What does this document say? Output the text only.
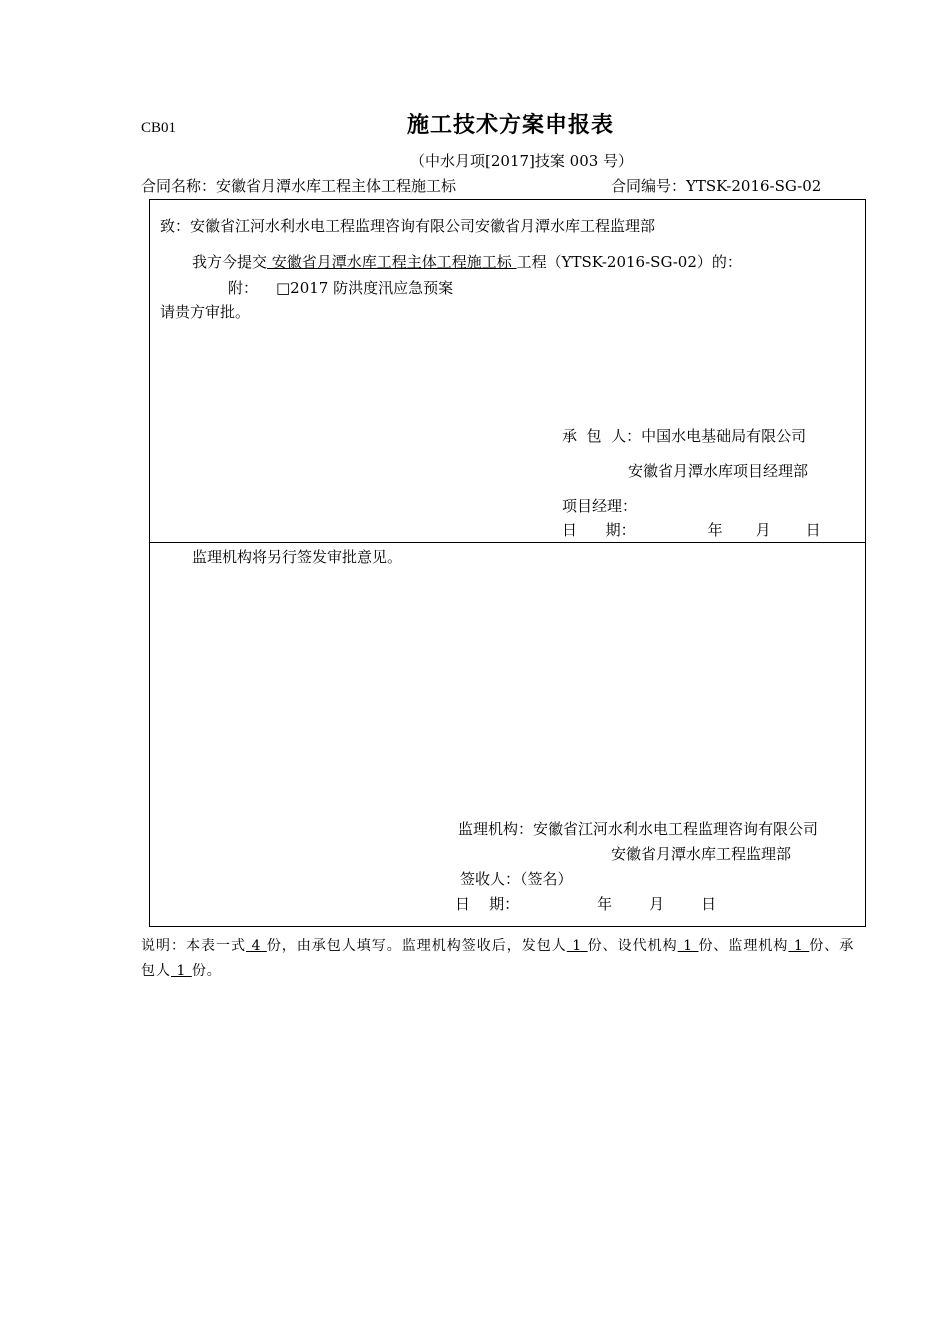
CB01	施工技术方案申报表
（中水月项[2017]技案 003 号）
合同名称：安徽省月潭水库工程主体工程施工标	合同编号：YTSK-2016-SG-02
致：安徽省江河水利水电工程监理咨询有限公司安徽省月潭水库工程监理部
我方今提交 安徽省月潭水库工程主体工程施工标 工程（YTSK-2016-SG-02）的：
附： □2017 防洪度汛应急预案
请贵方审批。
承  包  人：中国水电基础局有限公司
安徽省月潭水库项目经理部
项目经理：
日      期：	年 月 日
监理机构将另行签发审批意见。
监理机构：安徽省江河水利水电工程监理咨询有限公司
安徽省月潭水库工程监理部
签收人：（签名）
日    期：	年 月 日
说明：本表一式 4 份，由承包人填写。监理机构签收后，发包人 1 份、设代机构 1 份、监理机构 1 份、承包人 1 份。
